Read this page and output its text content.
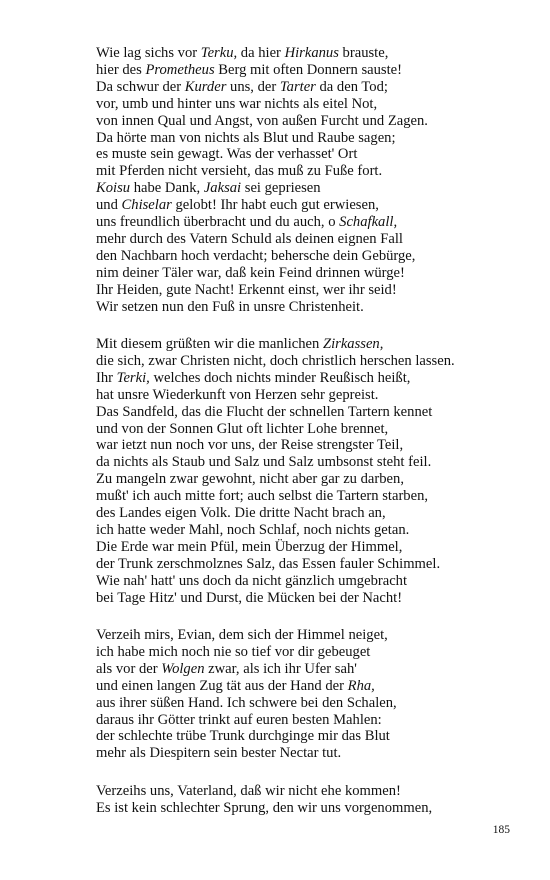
Wie lag sichs vor Terku, da hier Hirkanus brauste,
hier des Prometheus Berg mit often Donnern sauste!
Da schwur der Kurder uns, der Tarter da den Tod;
vor, umb und hinter uns war nichts als eitel Not,
von innen Qual und Angst, von außen Furcht und Zagen.
Da hörte man von nichts als Blut und Raube sagen;
es muste sein gewagt. Was der verhasset' Ort
mit Pferden nicht versieht, das muß zu Fuße fort.
Koisu habe Dank, Jaksai sei gepriesen
und Chiselar gelobt! Ihr habt euch gut erwiesen,
uns freundlich überbracht und du auch, o Schafkall,
mehr durch des Vatern Schuld als deinen eignen Fall
den Nachbarn hoch verdacht; behersche dein Gebürge,
nim deiner Täler war, daß kein Feind drinnen würge!
Ihr Heiden, gute Nacht! Erkennt einst, wer ihr seid!
Wir setzen nun den Fuß in unsre Christenheit.
Mit diesem grüßten wir die manlichen Zirkassen,
die sich, zwar Christen nicht, doch christlich herschen lassen.
Ihr Terki, welches doch nichts minder Reußisch heißt,
hat unsre Wiederkunft von Herzen sehr gepreist.
Das Sandfeld, das die Flucht der schnellen Tartern kennet
und von der Sonnen Glut oft lichter Lohe brennet,
war ietzt nun noch vor uns, der Reise strengster Teil,
da nichts als Staub und Salz und Salz umbsonst steht feil.
Zu mangeln zwar gewohnt, nicht aber gar zu darben,
mußt' ich auch mitte fort; auch selbst die Tartern starben,
des Landes eigen Volk. Die dritte Nacht brach an,
ich hatte weder Mahl, noch Schlaf, noch nichts getan.
Die Erde war mein Pfül, mein Überzug der Himmel,
der Trunk zerschmolznes Salz, das Essen fauler Schimmel.
Wie nah' hatt' uns doch da nicht gänzlich umgebracht
bei Tage Hitz' und Durst, die Mücken bei der Nacht!
Verzeih mirs, Evian, dem sich der Himmel neiget,
ich habe mich noch nie so tief vor dir gebeuget
als vor der Wolgen zwar, als ich ihr Ufer sah'
und einen langen Zug tät aus der Hand der Rha,
aus ihrer süßen Hand. Ich schwere bei den Schalen,
daraus ihr Götter trinkt auf euren besten Mahlen:
der schlechte trübe Trunk durchginge mir das Blut
mehr als Diespitern sein bester Nectar tut.
Verzeihs uns, Vaterland, daß wir nicht ehe kommen!
Es ist kein schlechter Sprung, den wir uns vorgenommen,
185
